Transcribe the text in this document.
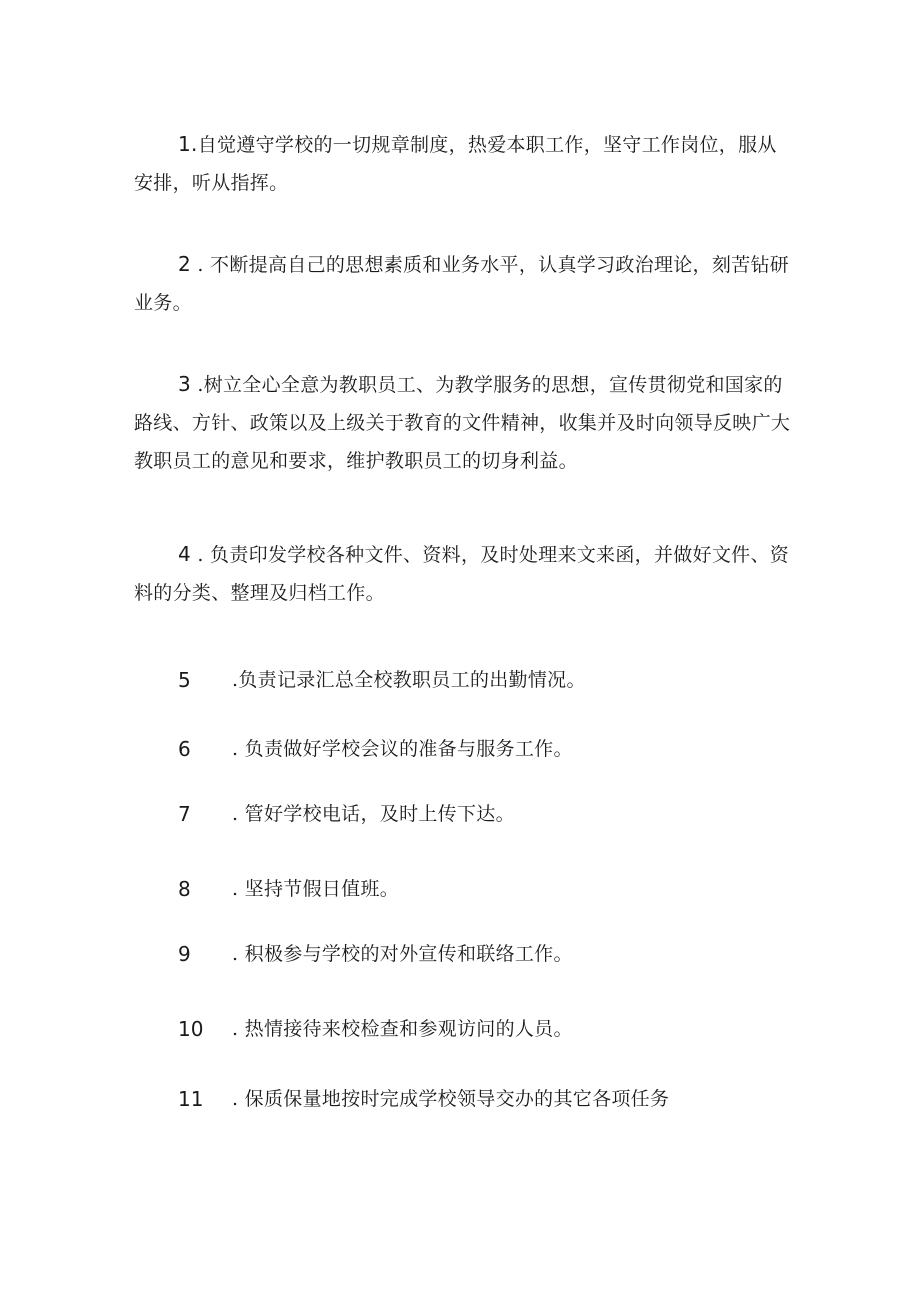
1.自觉遵守学校的一切规章制度，热爱本职工作，坚守工作岗位，服从安排，听从指挥。
2 . 不断提高自己的思想素质和业务水平，认真学习政治理论，刻苦钻研业务。
3 .树立全心全意为教职员工、为教学服务的思想，宣传贯彻党和国家的路线、方针、政策以及上级关于教育的文件精神，收集并及时向领导反映广大教职员工的意见和要求，维护教职员工的切身利益。
4 . 负责印发学校各种文件、资料，及时处理来文来函，并做好文件、资料的分类、整理及归档工作。
5 .负责记录汇总全校教职员工的出勤情况。
6 . 负责做好学校会议的准备与服务工作。
7 . 管好学校电话，及时上传下达。
8 . 坚持节假日值班。
9 . 积极参与学校的对外宣传和联络工作。
10 . 热情接待来校检查和参观访问的人员。
11 . 保质保量地按时完成学校领导交办的其它各项任务
